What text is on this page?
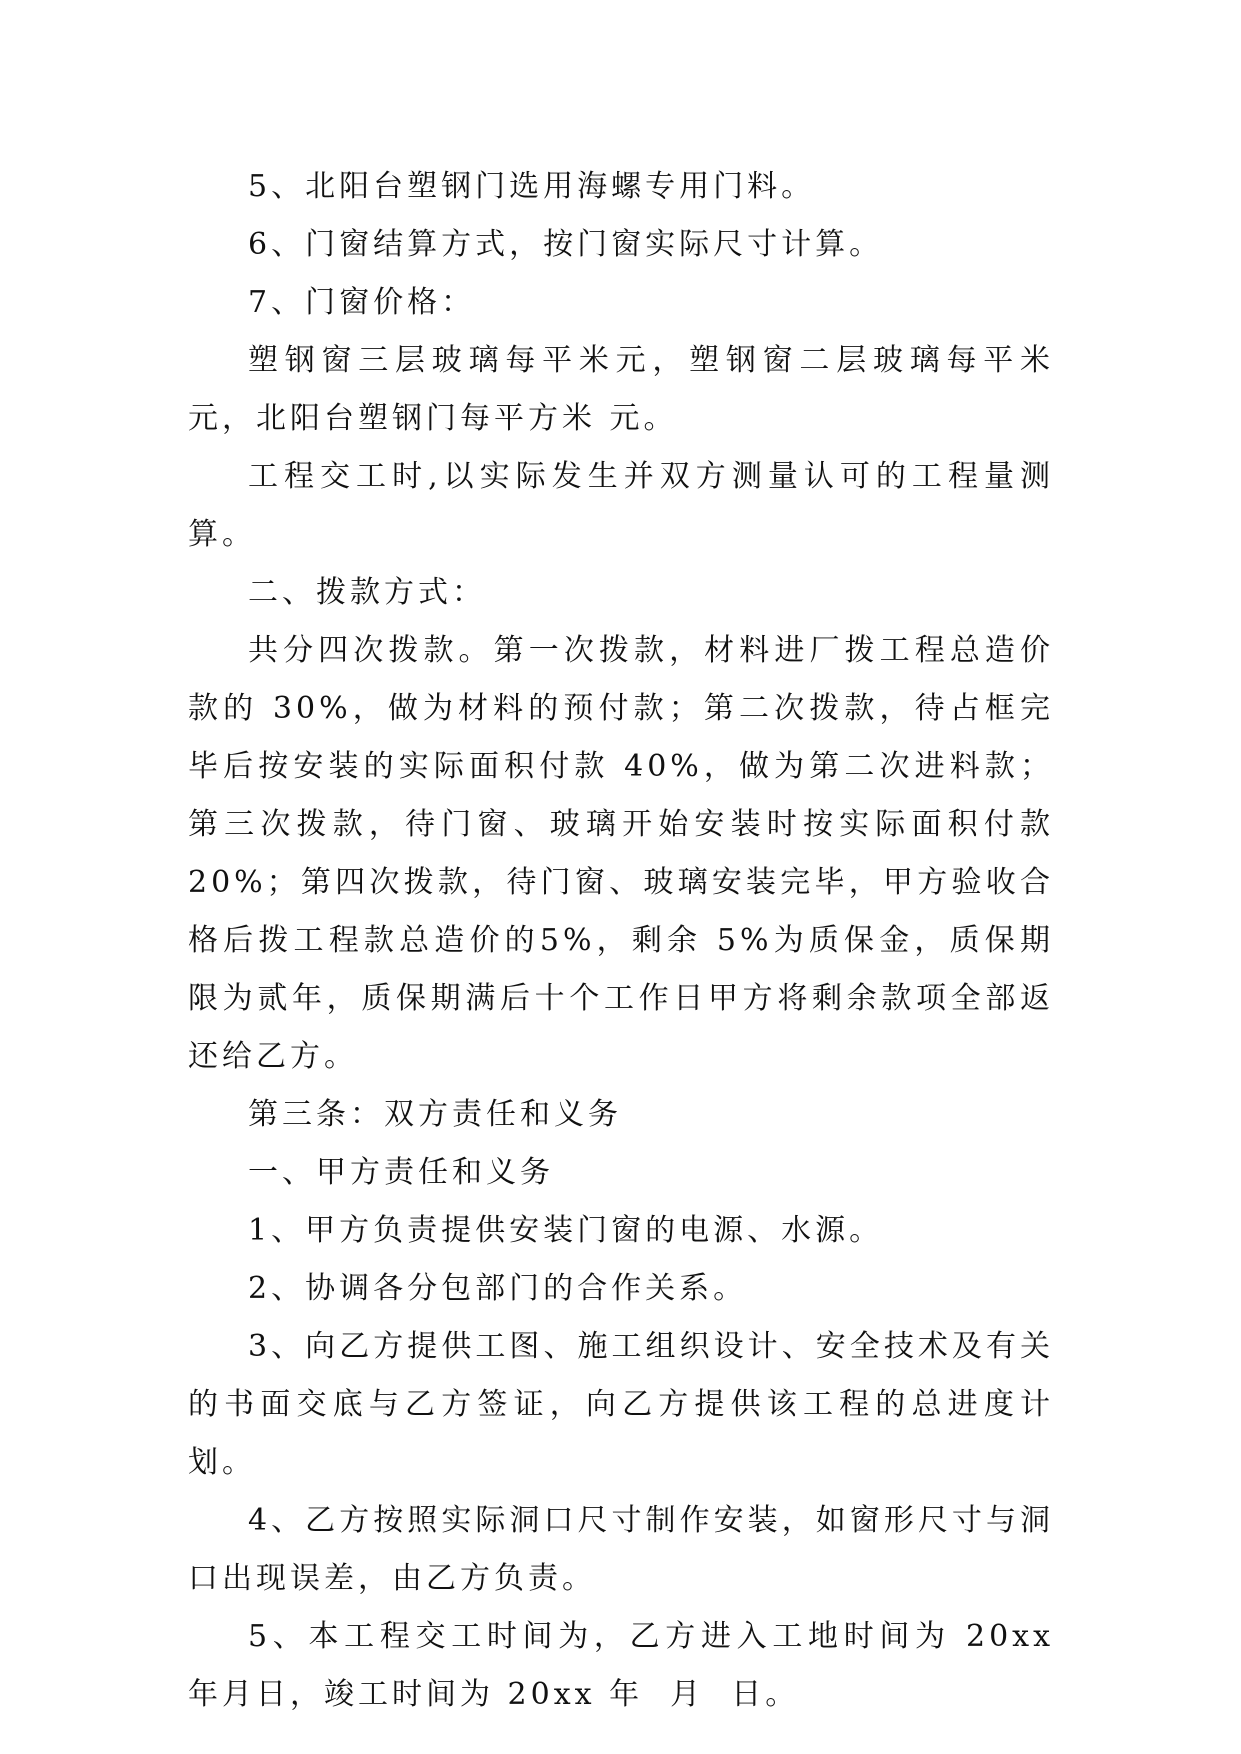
5、北阳台塑钢门选用海螺专用门料。

6、门窗结算方式，按门窗实际尺寸计算。

7、门窗价格：

塑钢窗三层玻璃每平米元，塑钢窗二层玻璃每平米 元，北阳台塑钢门每平方米 元。

工程交工时,以实际发生并双方测量认可的工程量测算。

二、拨款方式：

共分四次拨款。第一次拨款，材料进厂拨工程总造价款的 30%，做为材料的预付款；第二次拨款，待占框完毕后按安装的实际面积付款 40%，做为第二次进料款；第三次拨款，待门窗、玻璃开始安装时按实际面积付款 20%；第四次拨款，待门窗、玻璃安装完毕，甲方验收合格后拨工程款总造价的5%，剩余 5%为质保金，质保期限为贰年，质保期满后十个工作日甲方将剩余款项全部返还给乙方。

第三条：双方责任和义务

一、甲方责任和义务

1、甲方负责提供安装门窗的电源、水源。

2、协调各分包部门的合作关系。

3、向乙方提供工图、施工组织设计、安全技术及有关的书面交底与乙方签证，向乙方提供该工程的总进度计划。

4、乙方按照实际洞口尺寸制作安装，如窗形尺寸与洞口出现误差，由乙方负责。

5、本工程交工时间为，乙方进入工地时间为 20xx 年月日，竣工时间为 20xx 年  月  日。
